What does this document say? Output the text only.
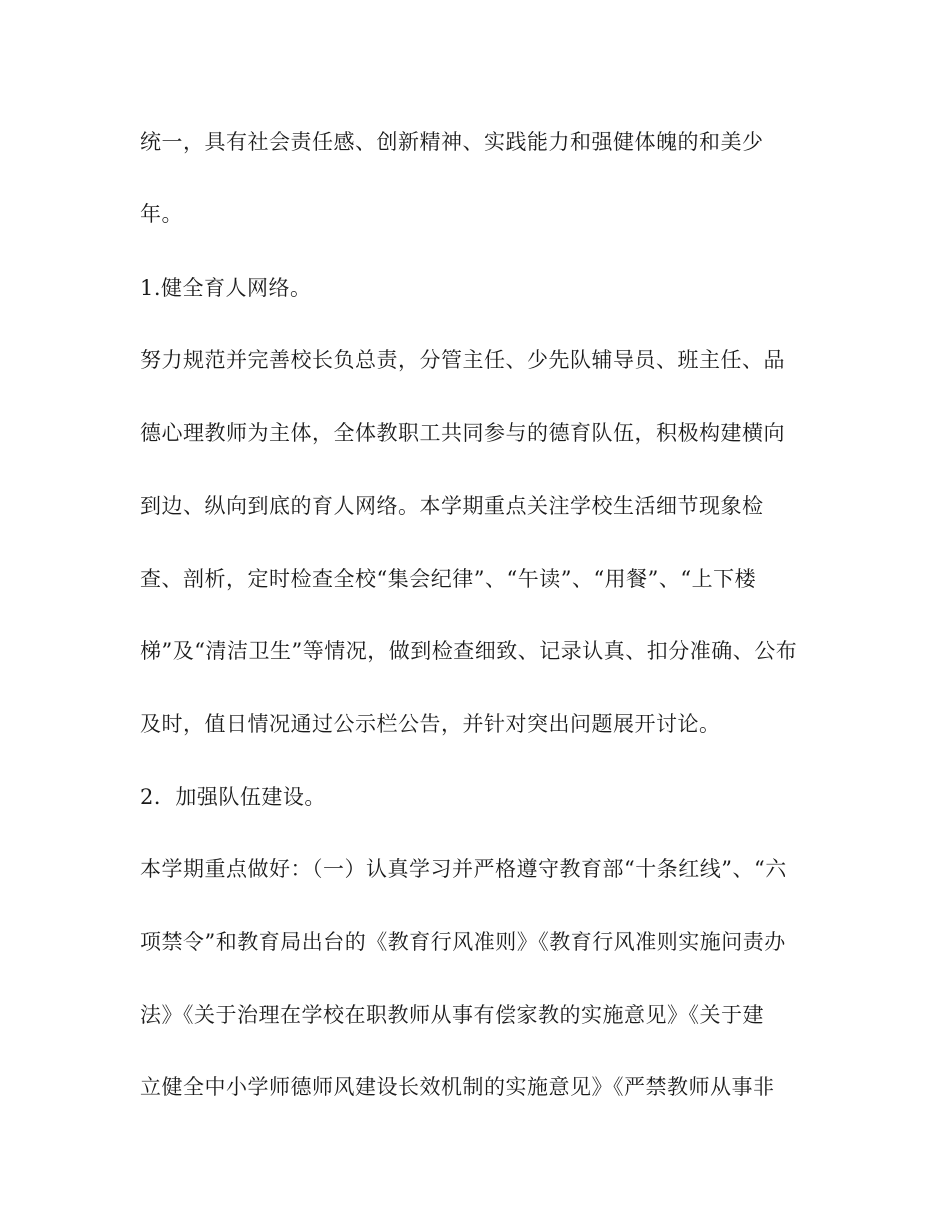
统一，具有社会责任感、创新精神、实践能力和强健体魄的和美少
年。
1.健全育人网络。
努力规范并完善校长负总责，分管主任、少先队辅导员、班主任、品
德心理教师为主体，全体教职工共同参与的德育队伍，积极构建横向
到边、纵向到底的育人网络。本学期重点关注学校生活细节现象检
查、剖析，定时检查全校“集会纪律”、“午读”、“用餐”、“上下楼
梯”及“清洁卫生”等情况，做到检查细致、记录认真、扣分准确、公布
及时，值日情况通过公示栏公告，并针对突出问题展开讨论。
2．加强队伍建设。
本学期重点做好：（一）认真学习并严格遵守教育部“十条红线”、“六
项禁令”和教育局出台的《教育行风准则》《教育行风准则实施问责办
法》《关于治理在学校在职教师从事有偿家教的实施意见》《关于建
立健全中小学师德师风建设长效机制的实施意见》《严禁教师从事非
